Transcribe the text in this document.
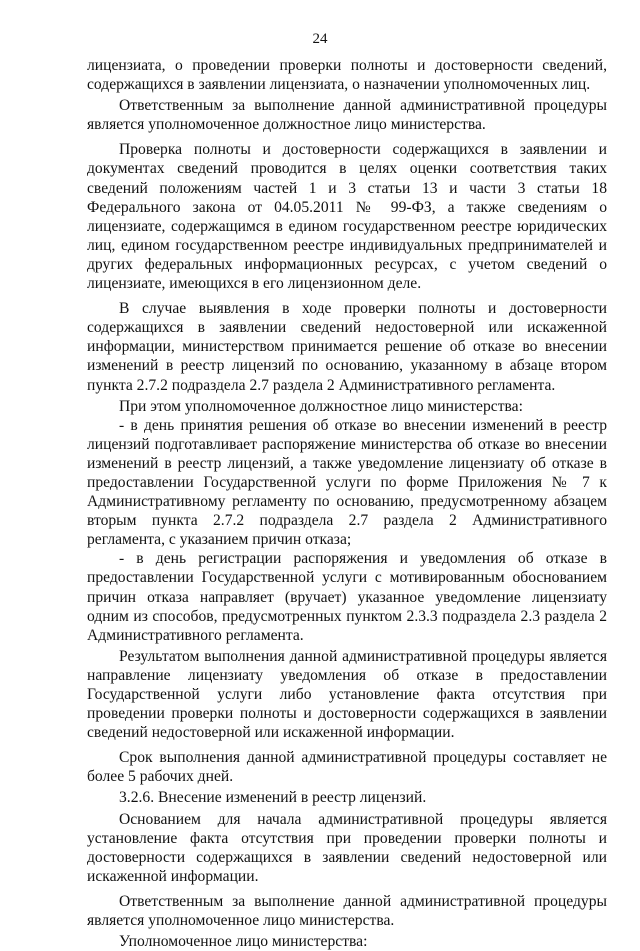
24

лицензиата, о проведении проверки полноты и достоверности сведений, содержащихся в заявлении лицензиата, о назначении уполномоченных лиц.

Ответственным за выполнение данной административной процедуры является уполномоченное должностное лицо министерства.

Проверка полноты и достоверности содержащихся в заявлении и документах сведений проводится в целях оценки соответствия таких сведений положениям частей 1 и 3 статьи 13 и части 3 статьи 18 Федерального закона от 04.05.2011 № 99-ФЗ, а также сведениям о лицензиате, содержащимся в едином государственном реестре юридических лиц, едином государственном реестре индивидуальных предпринимателей и других федеральных информационных ресурсах, с учетом сведений о лицензиате, имеющихся в его лицензионном деле.

В случае выявления в ходе проверки полноты и достоверности содержащихся в заявлении сведений недостоверной или искаженной информации, министерством принимается решение об отказе во внесении изменений в реестр лицензий по основанию, указанному в абзаце втором пункта 2.7.2 подраздела 2.7 раздела 2 Административного регламента.

При этом уполномоченное должностное лицо министерства:

- в день принятия решения об отказе во внесении изменений в реестр лицензий подготавливает распоряжение министерства об отказе во внесении изменений в реестр лицензий, а также уведомление лицензиату об отказе в предоставлении Государственной услуги по форме Приложения № 7 к Административному регламенту по основанию, предусмотренному абзацем вторым пункта 2.7.2 подраздела 2.7 раздела 2 Административного регламента, с указанием причин отказа;

- в день регистрации распоряжения и уведомления об отказе в предоставлении Государственной услуги с мотивированным обоснованием причин отказа направляет (вручает) указанное уведомление лицензиату одним из способов, предусмотренных пунктом 2.3.3 подраздела 2.3 раздела 2 Административного регламента.

Результатом выполнения данной административной процедуры является направление лицензиату уведомления об отказе в предоставлении Государственной услуги либо установление факта отсутствия при проведении проверки полноты и достоверности содержащихся в заявлении сведений недостоверной или искаженной информации.

Срок выполнения данной административной процедуры составляет не более 5 рабочих дней.

3.2.6. Внесение изменений в реестр лицензий.

Основанием для начала административной процедуры является установление факта отсутствия при проведении проверки полноты и достоверности содержащихся в заявлении сведений недостоверной или искаженной информации.

Ответственным за выполнение данной административной процедуры является уполномоченное лицо министерства.

Уполномоченное лицо министерства:
